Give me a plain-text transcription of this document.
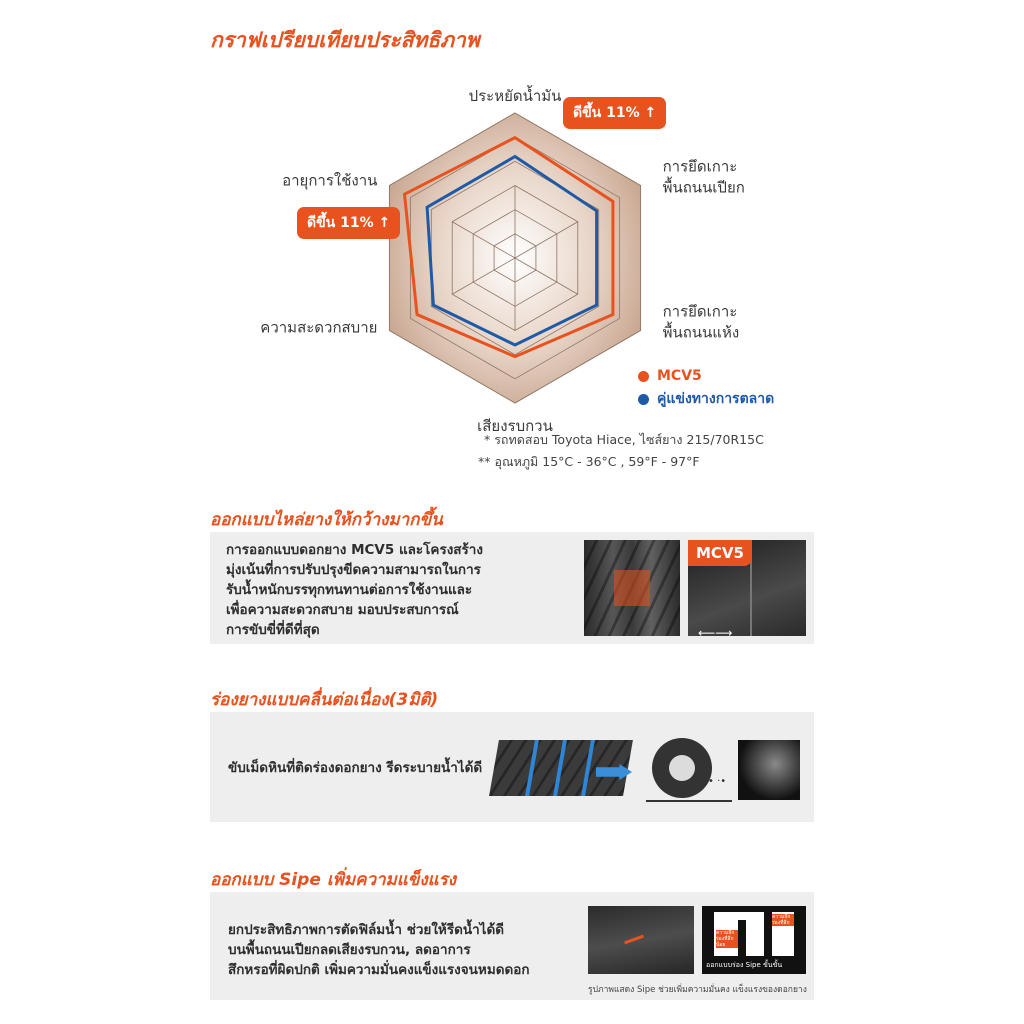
กราฟเปรียบเทียบประสิทธิภาพ
ประหยัดน้ำมัน
การยึดเกาะพื้นถนนเปียก
การยึดเกาะพื้นถนนแห้ง
เสียงรบกวน
ความสะดวกสบาย
อายุการใช้งาน
ดีขึ้น 11% ↑
ดีขึ้น 11% ↑
MCV5
คู่แข่งทางการตลาด
* รถทดสอบ Toyota Hiace, ไซส์ยาง 215/70R15C
** อุณหภูมิ 15°C - 36°C , 59°F - 97°F
ออกแบบไหล่ยางให้กว้างมากขึ้น
การออกแบบดอกยาง MCV5 และโครงสร้าง
มุ่งเน้นที่การปรับปรุงขีดความสามารถในการ
รับน้ำหนักบรรทุกทนทานต่อการใช้งานและ
เพื่อความสะดวกสบาย มอบประสบการณ์
การขับขี่ที่ดีที่สุด
MCV5
⟵⟶
ร่องยางแบบคลื่นต่อเนื่อง(3มิติ)
ขับเม็ดหินที่ติดร่องดอกยาง รีดระบายน้ำได้ดี
• ·•
ออกแบบ Sipe เพิ่มความแข็งแรง
ยกประสิทธิภาพการตัดฟิล์มน้ำ ช่วยให้รีดน้ำได้ดี
บนพื้นถนนเปียกลดเสียงรบกวน, ลดอาการ
สึกหรอที่ผิดปกติ เพิ่มความมั่นคงแข็งแรงจนหมดดอก
ความลึก ร่องที่ลึกน้อย
ความลึก ร่องที่ลึก
ออกแบบร่อง Sipe ขั้นขั้น
รูปภาพแสดง Sipe ช่วยเพิ่มความมั่นคง แข็งแรงของดอกยาง
